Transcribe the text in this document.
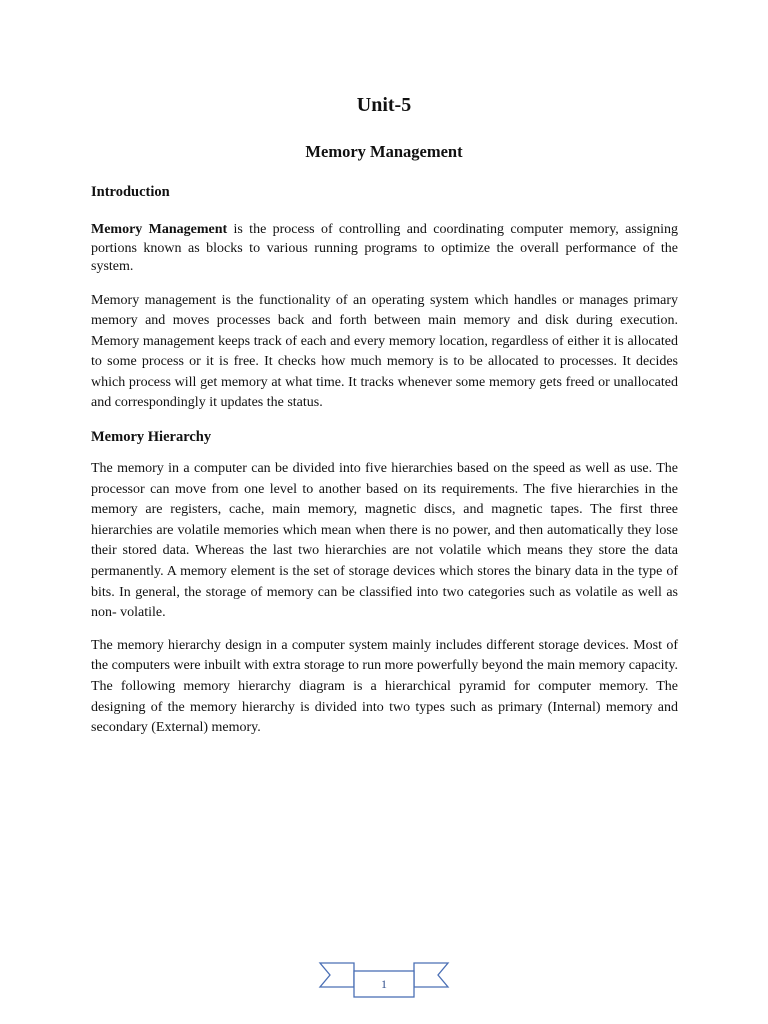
Unit-5
Memory Management
Introduction

Memory Management is the process of controlling and coordinating computer memory, assigning portions known as blocks to various running programs to optimize the overall performance of the system.

Memory management is the functionality of an operating system which handles or manages primary memory and moves processes back and forth between main memory and disk during execution. Memory management keeps track of each and every memory location, regardless of either it is allocated to some process or it is free. It checks how much memory is to be allocated to processes. It decides which process will get memory at what time. It tracks whenever some memory gets freed or unallocated and correspondingly it updates the status.

Memory Hierarchy

The memory in a computer can be divided into five hierarchies based on the speed as well as use. The processor can move from one level to another based on its requirements. The five hierarchies in the memory are registers, cache, main memory, magnetic discs, and magnetic tapes. The first three hierarchies are volatile memories which mean when there is no power, and then automatically they lose their stored data. Whereas the last two hierarchies are not volatile which means they store the data permanently. A memory element is the set of storage devices which stores the binary data in the type of bits. In general, the storage of memory can be classified into two categories such as volatile as well as non- volatile.

The memory hierarchy design in a computer system mainly includes different storage devices. Most of the computers were inbuilt with extra storage to run more powerfully beyond the main memory capacity. The following memory hierarchy diagram is a hierarchical pyramid for computer memory. The designing of the memory hierarchy is divided into two types such as primary (Internal) memory and secondary (External) memory.

1
